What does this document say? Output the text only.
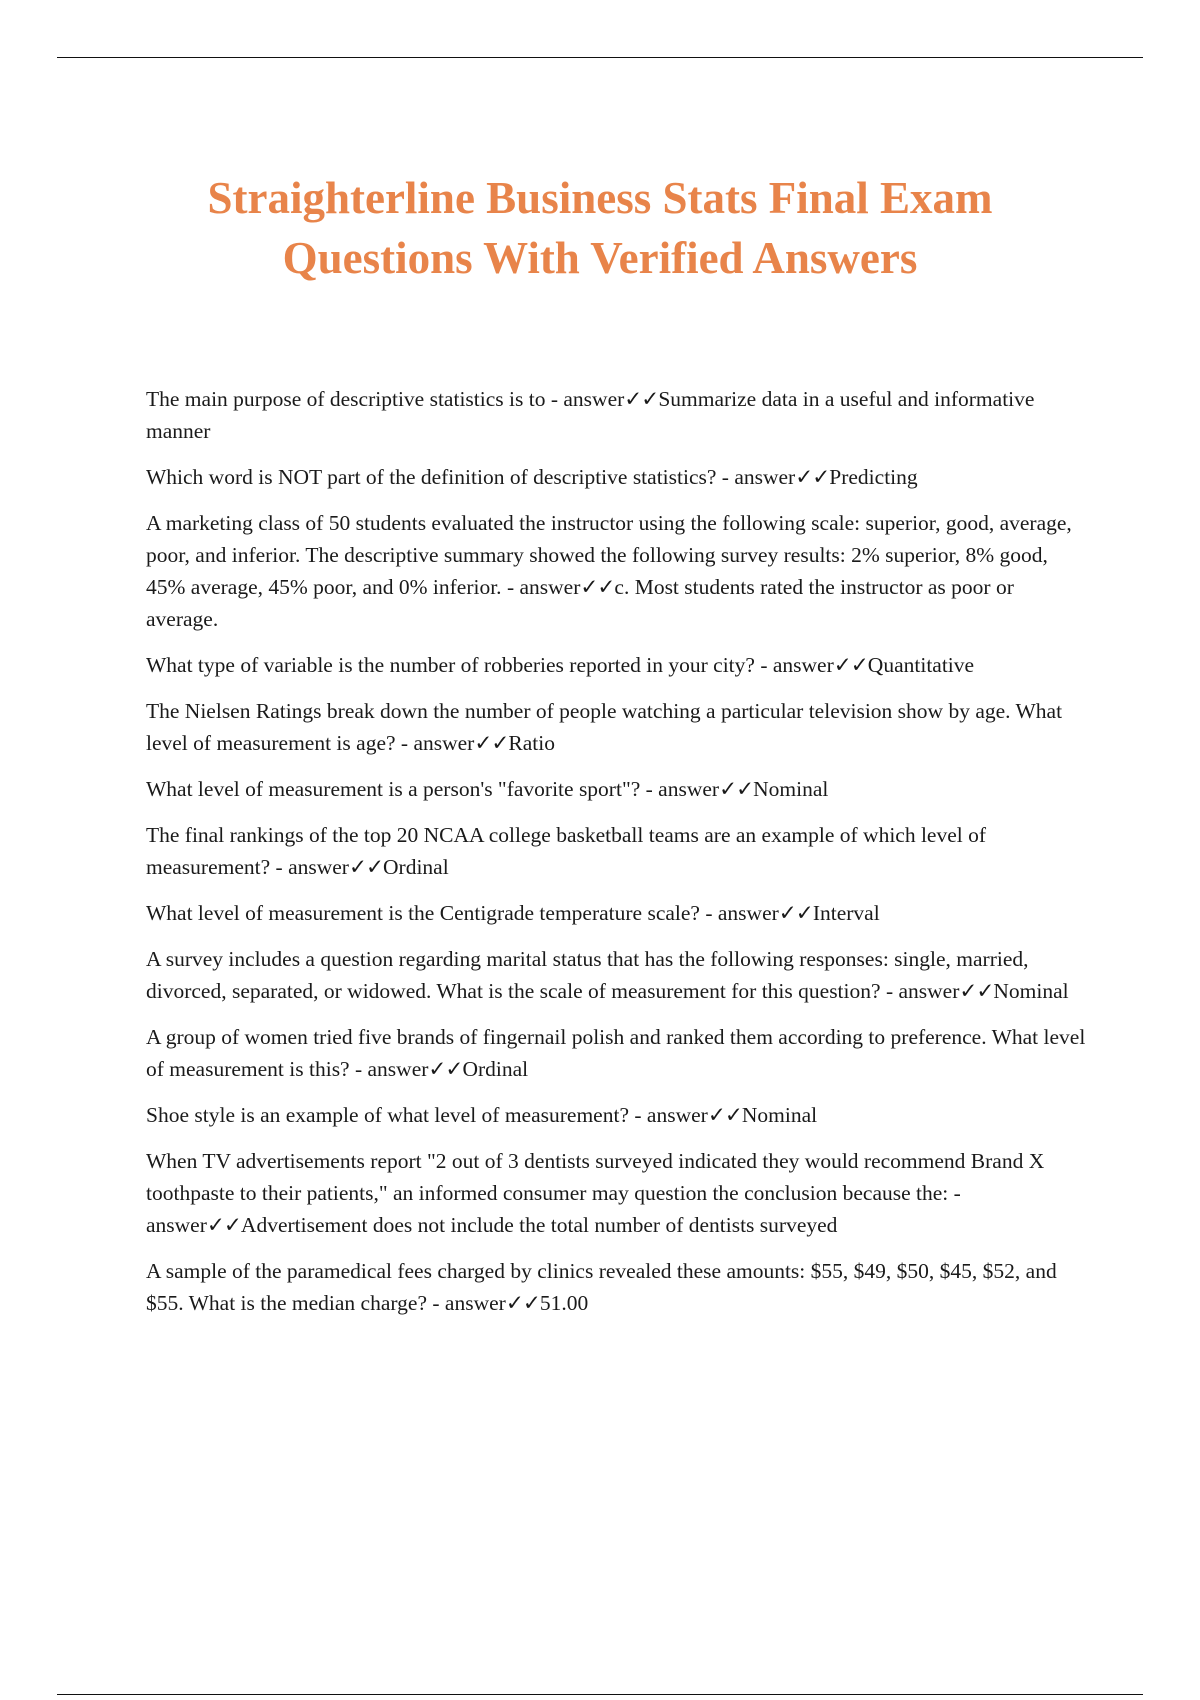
Straighterline Business Stats Final Exam
Questions With Verified Answers
The main purpose of descriptive statistics is to - answer✓✓Summarize data in a useful and informative manner
Which word is NOT part of the definition of descriptive statistics? - answer✓✓Predicting
A marketing class of 50 students evaluated the instructor using the following scale: superior, good, average, poor, and inferior. The descriptive summary showed the following survey results: 2% superior, 8% good, 45% average, 45% poor, and 0% inferior. - answer✓✓c. Most students rated the instructor as poor or average.
What type of variable is the number of robberies reported in your city? - answer✓✓Quantitative
The Nielsen Ratings break down the number of people watching a particular television show by age. What level of measurement is age? - answer✓✓Ratio
What level of measurement is a person's "favorite sport"? - answer✓✓Nominal
The final rankings of the top 20 NCAA college basketball teams are an example of which level of measurement? - answer✓✓Ordinal
What level of measurement is the Centigrade temperature scale? - answer✓✓Interval
A survey includes a question regarding marital status that has the following responses: single, married, divorced, separated, or widowed. What is the scale of measurement for this question? - answer✓✓Nominal
A group of women tried five brands of fingernail polish and ranked them according to preference. What level of measurement is this? - answer✓✓Ordinal
Shoe style is an example of what level of measurement? - answer✓✓Nominal
When TV advertisements report "2 out of 3 dentists surveyed indicated they would recommend Brand X toothpaste to their patients," an informed consumer may question the conclusion because the: - answer✓✓Advertisement does not include the total number of dentists surveyed
A sample of the paramedical fees charged by clinics revealed these amounts: $55, $49, $50, $45, $52, and $55. What is the median charge? - answer✓✓51.00
